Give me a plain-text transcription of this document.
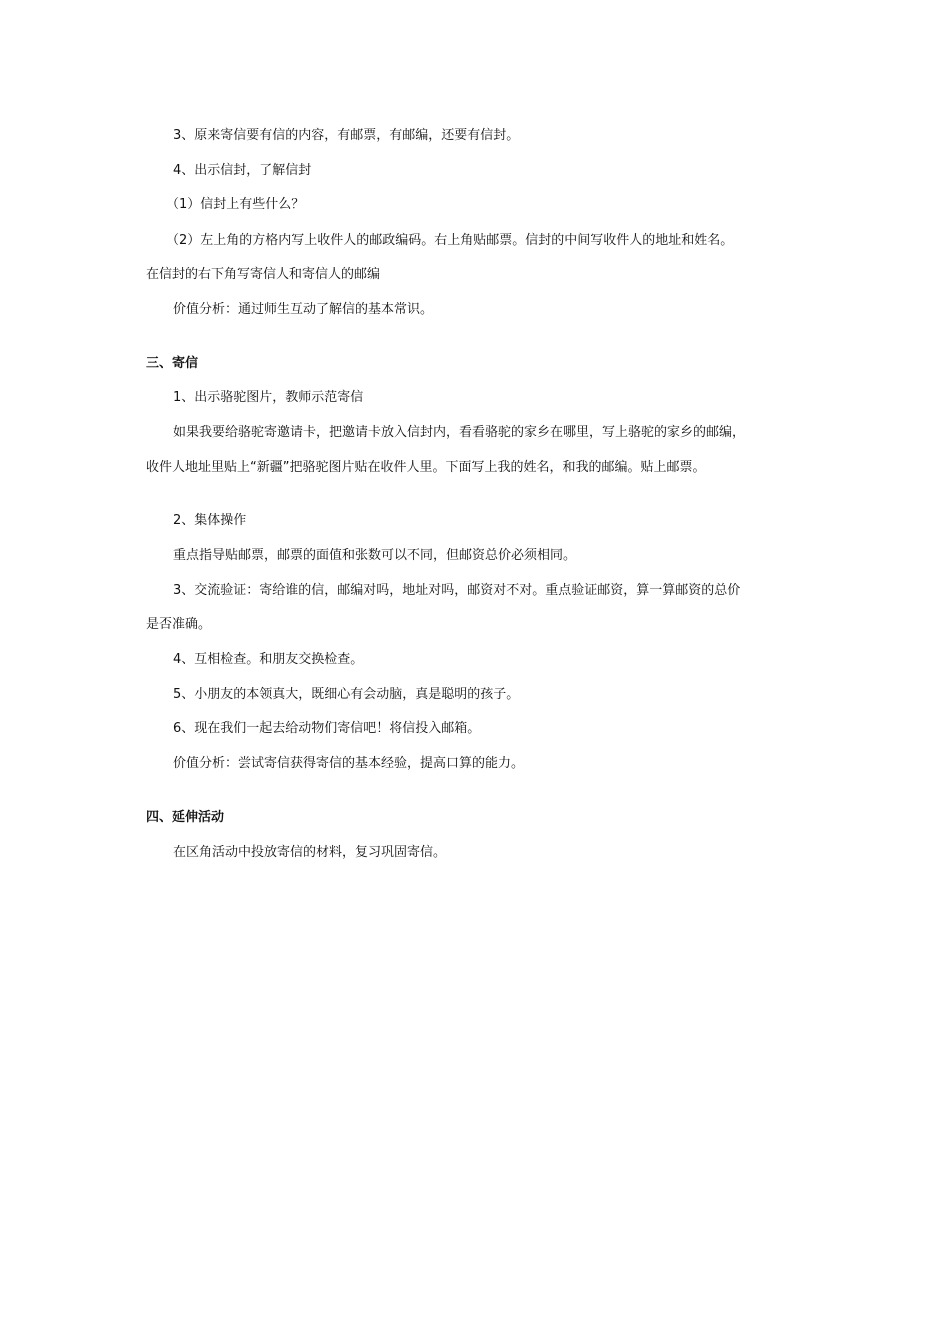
3、原来寄信要有信的内容，有邮票，有邮编，还要有信封。
4、出示信封，了解信封
（1）信封上有些什么？
（2）左上角的方格内写上收件人的邮政编码。右上角贴邮票。信封的中间写收件人的地址和姓名。
在信封的右下角写寄信人和寄信人的邮编
价值分析：通过师生互动了解信的基本常识。
三、寄信
1、出示骆驼图片，教师示范寄信
如果我要给骆驼寄邀请卡，把邀请卡放入信封内，看看骆驼的家乡在哪里，写上骆驼的家乡的邮编，
收件人地址里贴上“新疆”把骆驼图片贴在收件人里。下面写上我的姓名，和我的邮编。贴上邮票。
2、集体操作
重点指导贴邮票，邮票的面值和张数可以不同，但邮资总价必须相同。
3、交流验证：寄给谁的信，邮编对吗，地址对吗，邮资对不对。重点验证邮资，算一算邮资的总价
是否准确。
4、互相检查。和朋友交换检查。
5、小朋友的本领真大，既细心有会动脑，真是聪明的孩子。
6、现在我们一起去给动物们寄信吧！将信投入邮箱。
价值分析：尝试寄信获得寄信的基本经验，提高口算的能力。
四、延伸活动
在区角活动中投放寄信的材料，复习巩固寄信。
